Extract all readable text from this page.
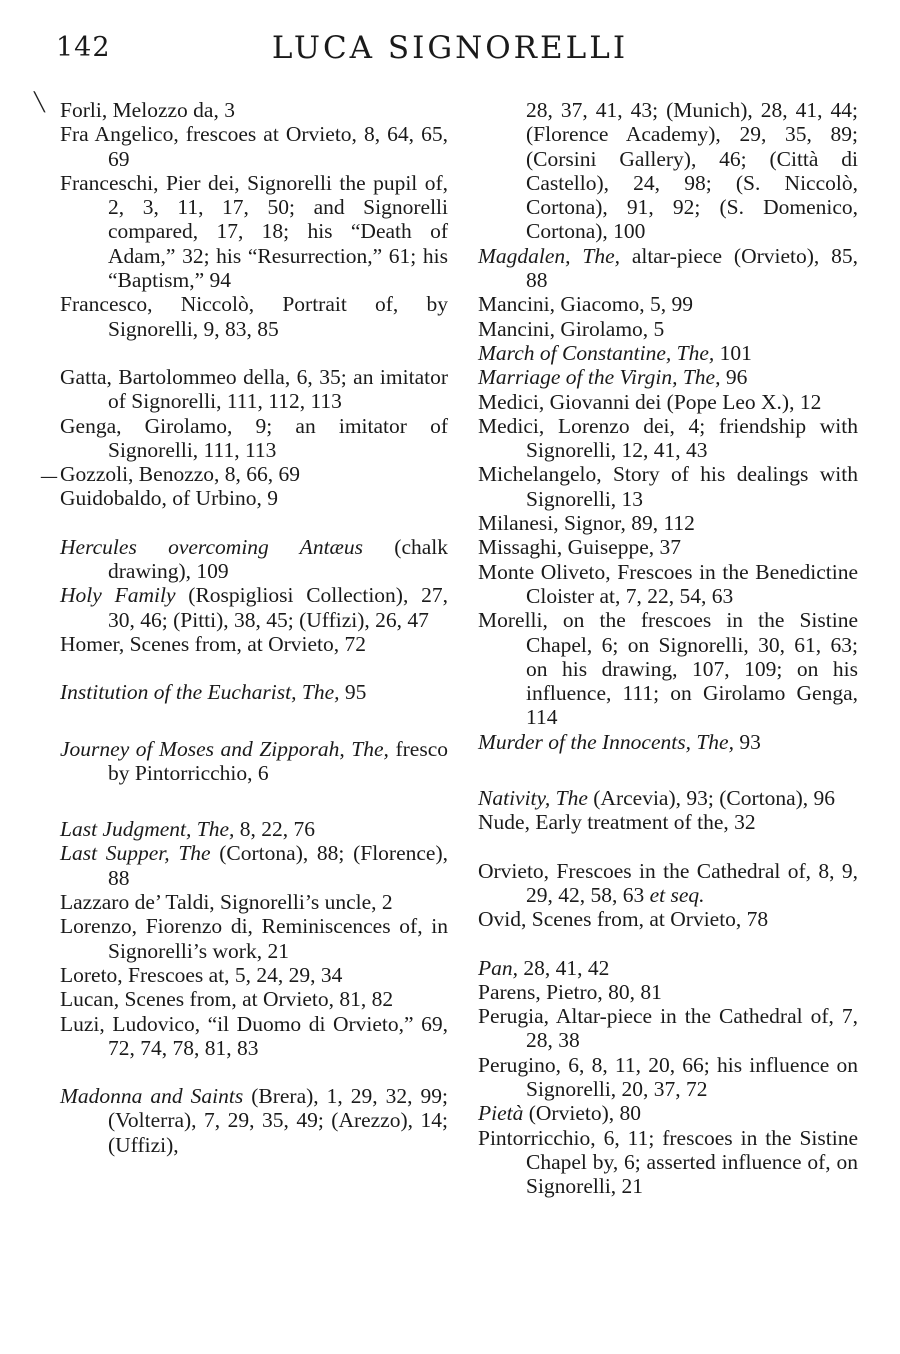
142	LUCA SIGNORELLI
╲
—
Forli, Melozzo da, 3
Fra Angelico, frescoes at Orvieto, 8, 64, 65, 69
Franceschi, Pier dei, Signorelli the pupil of, 2, 3, 11, 17, 50; and Signorelli compared, 17, 18; his “Death of Adam,” 32; his “Resurrection,” 61; his “Baptism,” 94
Francesco, Niccolò, Portrait of, by Signorelli, 9, 83, 85
Gatta, Bartolommeo della, 6, 35; an imitator of Signorelli, 111, 112, 113
Genga, Girolamo, 9; an imitator of Signorelli, 111, 113
Gozzoli, Benozzo, 8, 66, 69
Guidobaldo, of Urbino, 9
Hercules overcoming Antæus (chalk drawing), 109
Holy Family (Rospigliosi Collection), 27, 30, 46; (Pitti), 38, 45; (Uffizi), 26, 47
Homer, Scenes from, at Orvieto, 72
Institution of the Eucharist, The, 95
Journey of Moses and Zipporah, The, fresco by Pintorricchio, 6
Last Judgment, The, 8, 22, 76
Last Supper, The (Cortona), 88; (Florence), 88
Lazzaro de’ Taldi, Signorelli’s uncle, 2
Lorenzo, Fiorenzo di, Reminiscences of, in Signorelli’s work, 21
Loreto, Frescoes at, 5, 24, 29, 34
Lucan, Scenes from, at Orvieto, 81, 82
Luzi, Ludovico, “il Duomo di Orvieto,” 69, 72, 74, 78, 81, 83
Madonna and Saints (Brera), 1, 29, 32, 99; (Volterra), 7, 29, 35, 49; (Arezzo), 14; (Uffizi),
28, 37, 41, 43; (Munich), 28, 41, 44; (Florence Academy), 29, 35, 89; (Corsini Gallery), 46; (Città di Castello), 24, 98; (S. Niccolò, Cortona), 91, 92; (S. Domenico, Cortona), 100
Magdalen, The, altar-piece (Orvieto), 85, 88
Mancini, Giacomo, 5, 99
Mancini, Girolamo, 5
March of Constantine, The, 101
Marriage of the Virgin, The, 96
Medici, Giovanni dei (Pope Leo X.), 12
Medici, Lorenzo dei, 4; friendship with Signorelli, 12, 41, 43
Michelangelo, Story of his dealings with Signorelli, 13
Milanesi, Signor, 89, 112
Missaghi, Guiseppe, 37
Monte Oliveto, Frescoes in the Benedictine Cloister at, 7, 22, 54, 63
Morelli, on the frescoes in the Sistine Chapel, 6; on Signorelli, 30, 61, 63; on his drawing, 107, 109; on his influence, 111; on Girolamo Genga, 114
Murder of the Innocents, The, 93
Nativity, The (Arcevia), 93; (Cortona), 96
Nude, Early treatment of the, 32
Orvieto, Frescoes in the Cathedral of, 8, 9, 29, 42, 58, 63 et seq.
Ovid, Scenes from, at Orvieto, 78
Pan, 28, 41, 42
Parens, Pietro, 80, 81
Perugia, Altar-piece in the Cathedral of, 7, 28, 38
Perugino, 6, 8, 11, 20, 66; his influence on Signorelli, 20, 37, 72
Pietà (Orvieto), 80
Pintorricchio, 6, 11; frescoes in the Sistine Chapel by, 6; asserted influence of, on Signorelli, 21
